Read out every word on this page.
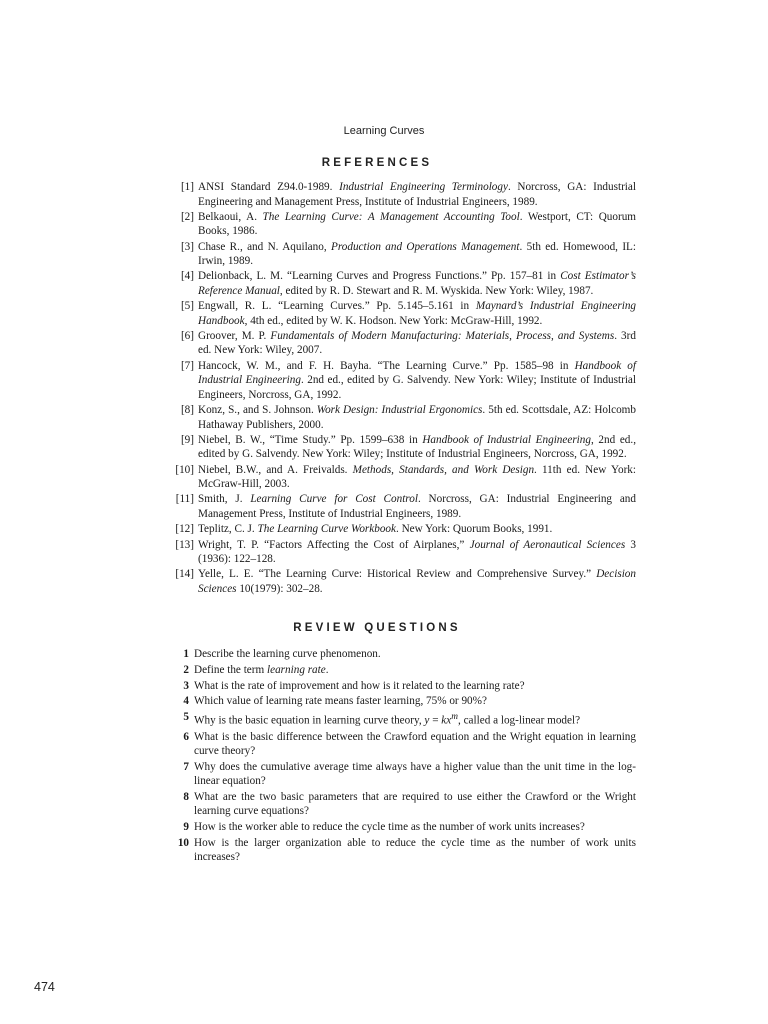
Learning Curves
REFERENCES
[1] ANSI Standard Z94.0-1989. Industrial Engineering Terminology. Norcross, GA: Industrial Engineering and Management Press, Institute of Industrial Engineers, 1989.
[2] Belkaoui, A. The Learning Curve: A Management Accounting Tool. Westport, CT: Quorum Books, 1986.
[3] Chase R., and N. Aquilano, Production and Operations Management. 5th ed. Homewood, IL: Irwin, 1989.
[4] Delionback, L. M. “Learning Curves and Progress Functions.” Pp. 157–81 in Cost Estimator’s Reference Manual, edited by R. D. Stewart and R. M. Wyskida. New York: Wiley, 1987.
[5] Engwall, R. L. “Learning Curves.” Pp. 5.145–5.161 in Maynard’s Industrial Engineering Handbook, 4th ed., edited by W. K. Hodson. New York: McGraw-Hill, 1992.
[6] Groover, M. P. Fundamentals of Modern Manufacturing: Materials, Process, and Systems. 3rd ed. New York: Wiley, 2007.
[7] Hancock, W. M., and F. H. Bayha. “The Learning Curve.” Pp. 1585–98 in Handbook of Industrial Engineering. 2nd ed., edited by G. Salvendy. New York: Wiley; Institute of Industrial Engineers, Norcross, GA, 1992.
[8] Konz, S., and S. Johnson. Work Design: Industrial Ergonomics. 5th ed. Scottsdale, AZ: Holcomb Hathaway Publishers, 2000.
[9] Niebel, B. W., “Time Study.” Pp. 1599–638 in Handbook of Industrial Engineering, 2nd ed., edited by G. Salvendy. New York: Wiley; Institute of Industrial Engineers, Norcross, GA, 1992.
[10] Niebel, B.W., and A. Freivalds. Methods, Standards, and Work Design. 11th ed. New York: McGraw-Hill, 2003.
[11] Smith, J. Learning Curve for Cost Control. Norcross, GA: Industrial Engineering and Management Press, Institute of Industrial Engineers, 1989.
[12] Teplitz, C. J. The Learning Curve Workbook. New York: Quorum Books, 1991.
[13] Wright, T. P. “Factors Affecting the Cost of Airplanes,” Journal of Aeronautical Sciences 3 (1936): 122–128.
[14] Yelle, L. E. “The Learning Curve: Historical Review and Comprehensive Survey.” Decision Sciences 10(1979): 302–28.
REVIEW QUESTIONS
1 Describe the learning curve phenomenon.
2 Define the term learning rate.
3 What is the rate of improvement and how is it related to the learning rate?
4 Which value of learning rate means faster learning, 75% or 90%?
5 Why is the basic equation in learning curve theory, $y = kx^m$, called a log-linear model?
6 What is the basic difference between the Crawford equation and the Wright equation in learning curve theory?
7 Why does the cumulative average time always have a higher value than the unit time in the log-linear equation?
8 What are the two basic parameters that are required to use either the Crawford or the Wright learning curve equations?
9 How is the worker able to reduce the cycle time as the number of work units increases?
10 How is the larger organization able to reduce the cycle time as the number of work units increases?
474
